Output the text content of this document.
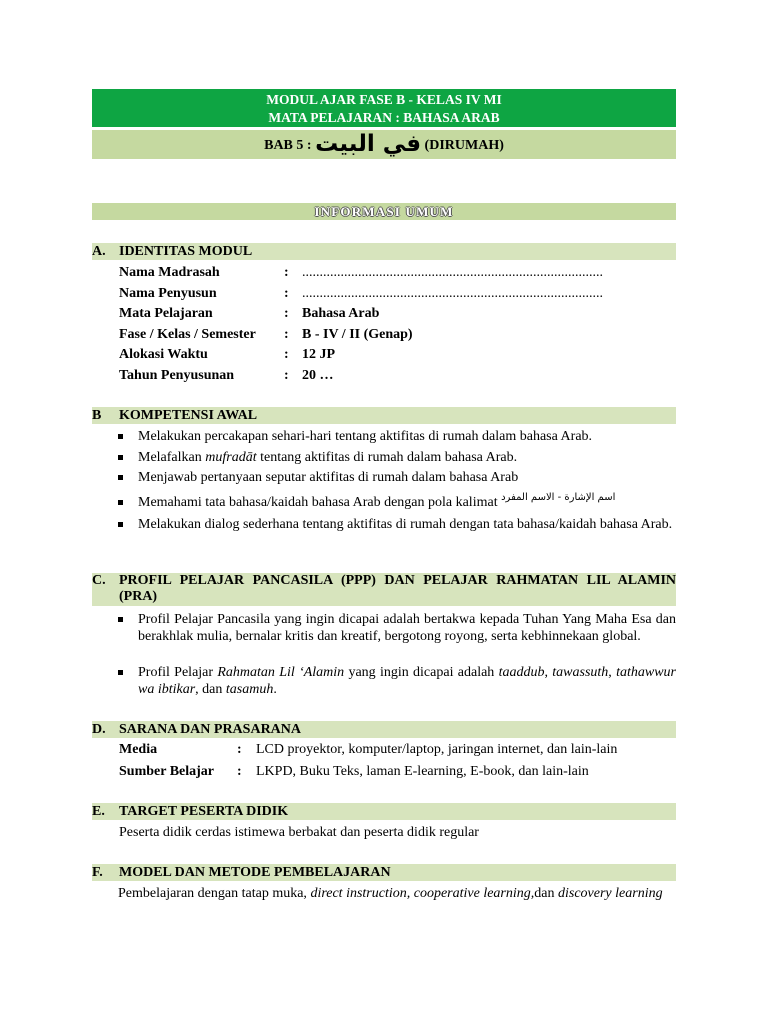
MODUL AJAR FASE B - KELAS IV MI
MATA PELAJARAN : BAHASA ARAB
BAB 5 : في البيت (DIRUMAH)
INFORMASI UMUM
A. IDENTITAS MODUL
Nama Madrasah	: ......................................................................................
Nama Penyusun	: ......................................................................................
Mata Pelajaran	: Bahasa Arab
Fase / Kelas / Semester : B - IV / II (Genap)
Alokasi Waktu	: 12 JP
Tahun Penyusunan	: 20 …
B KOMPETENSI AWAL
Melakukan percakapan sehari-hari tentang aktifitas di rumah dalam bahasa Arab.
Melafalkan mufradāt tentang aktifitas di rumah dalam bahasa Arab.
Menjawab pertanyaan seputar aktifitas di rumah dalam bahasa Arab
Memahami tata bahasa/kaidah bahasa Arab dengan pola kalimat $^{اسم الإشارة - الاسم المفرد}$
Melakukan dialog sederhana tentang aktifitas di rumah dengan tata bahasa/kaidah bahasa Arab.
C. PROFIL PELAJAR PANCASILA (PPP) DAN PELAJAR RAHMATAN LIL ALAMIN (PRA)
Profil Pelajar Pancasila yang ingin dicapai adalah bertakwa kepada Tuhan Yang Maha Esa dan berakhlak mulia, bernalar kritis dan kreatif, bergotong royong, serta kebhinnekaan global.
Profil Pelajar Rahmatan Lil ‘Alamin yang ingin dicapai adalah taaddub, tawassuth, tathawwur wa ibtikar, dan tasamuh.
D. SARANA DAN PRASARANA
Media	: LCD proyektor, komputer/laptop, jaringan internet, dan lain-lain
Sumber Belajar : LKPD, Buku Teks, laman E-learning, E-book, dan lain-lain
E. TARGET PESERTA DIDIK
Peserta didik cerdas istimewa berbakat dan peserta didik regular
F. MODEL DAN METODE PEMBELAJARAN
Pembelajaran dengan tatap muka, direct instruction, cooperative learning,dan discovery learning
